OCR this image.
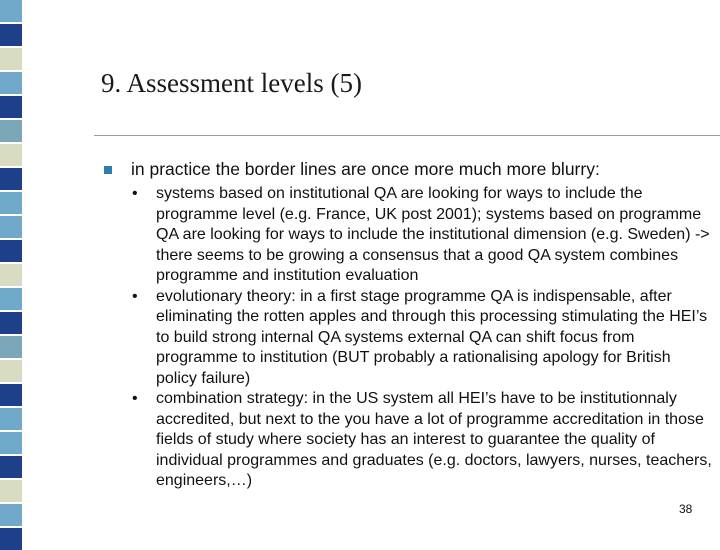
9. Assessment levels (5)
in practice the border lines are once more much more blurry:
• systems based on institutional QA are looking for ways to include the programme level (e.g. France, UK post 2001); systems based on programme QA are looking for ways to include the institutional dimension (e.g. Sweden) -> there seems to be growing a consensus that a good QA system combines programme and institution evaluation
• evolutionary theory: in a first stage programme QA is indispensable, after eliminating the rotten apples and through this processing stimulating the HEI’s to build strong internal QA systems external QA can shift focus from programme to institution (BUT probably a rationalising apology for British policy failure)
• combination strategy: in the US system all HEI’s have to be institutionnaly accredited, but next to the you have a lot of programme accreditation in those fields of study where society has an interest to guarantee the quality of individual programmes and graduates (e.g. doctors, lawyers, nurses, teachers, engineers,…)
38
